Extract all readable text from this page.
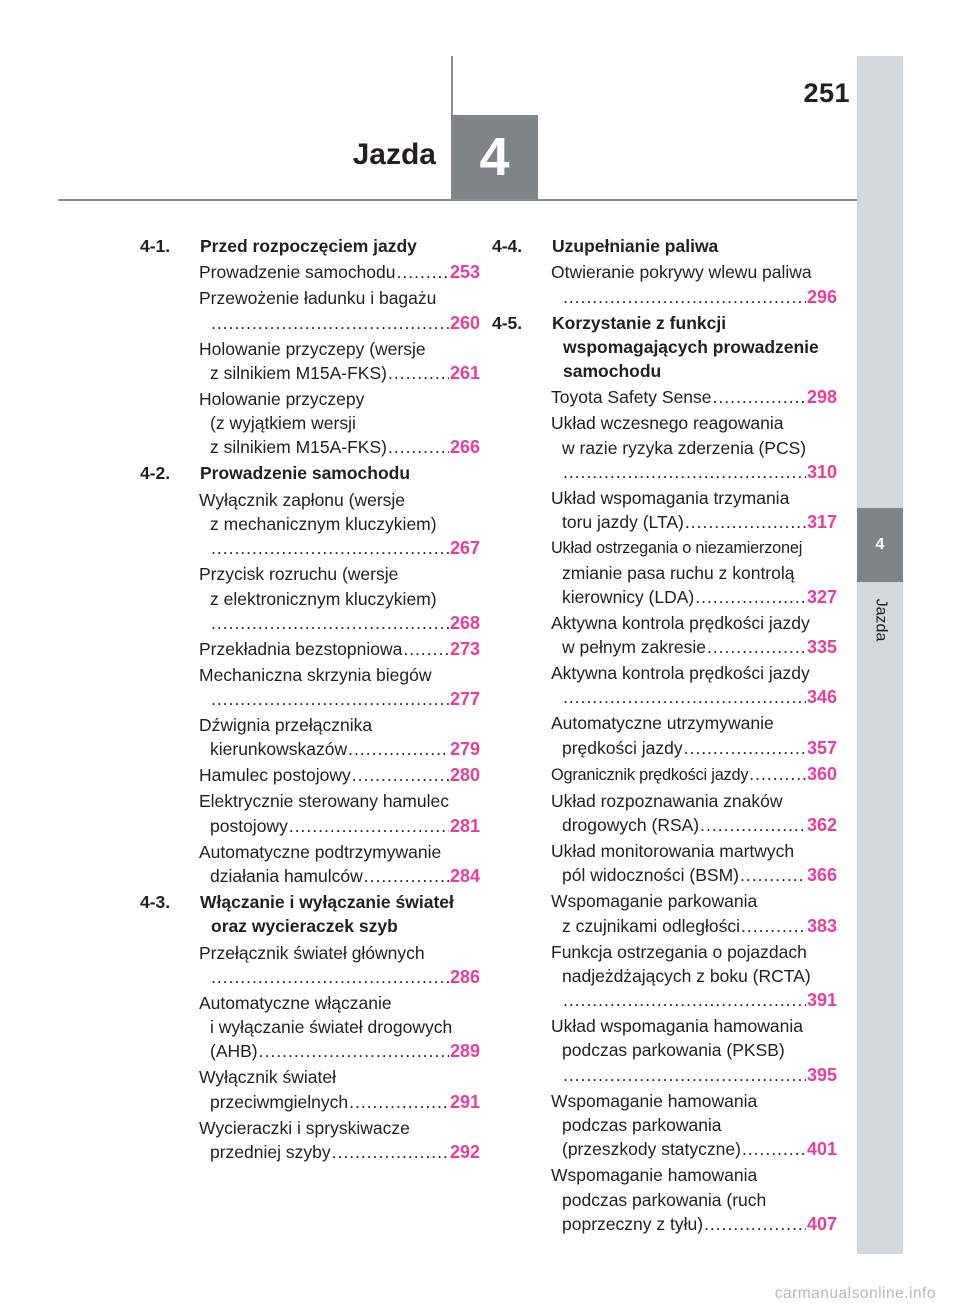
251
Jazda 4
4
Jazda
4-1.	Przed rozpoczęciem jazdy
Prowadzenie samochodu .....	253
Przewożenie ładunku i bagażu
.....
260
Holowanie przyczepy (wersje
z silnikiem M15A-FKS) .....	261
Holowanie przyczepy
(z wyjątkiem wersji
z silnikiem M15A-FKS) .....	266
4-2.	Prowadzenie samochodu
Wyłącznik zapłonu (wersje
z mechanicznym kluczykiem)
.....
267
Przycisk rozruchu (wersje
z elektronicznym kluczykiem)
.....
268
Przekładnia bezstopniowa .....	273
Mechaniczna skrzynia biegów
.....
277
Dźwignia przełącznika
kierunkowskazów .....	279
Hamulec postojowy .....	280
Elektrycznie sterowany hamulec
postojowy .....	281
Automatyczne podtrzymywanie
działania hamulców .....	284
4-3.	Włączanie i wyłączanie świateł
oraz wycieraczek szyb
Przełącznik świateł głównych
.....
286
Automatyczne włączanie
i wyłączanie świateł drogowych
(AHB) .....	289
Wyłącznik świateł
przeciwmgielnych .....	291
Wycieraczki i spryskiwacze
przedniej szyby .....	292
4-4.	Uzupełnianie paliwa
Otwieranie pokrywy wlewu paliwa
.....
296
4-5.	Korzystanie z funkcji
wspomagających prowadzenie
samochodu
Toyota Safety Sense .....	298
Układ wczesnego reagowania
w razie ryzyka zderzenia (PCS)
.....
310
Układ wspomagania trzymania
toru jazdy (LTA) .....	317
Układ ostrzegania o niezamierzonej
zmianie pasa ruchu z kontrolą
kierownicy (LDA) .....	327
Aktywna kontrola prędkości jazdy
w pełnym zakresie .....	335
Aktywna kontrola prędkości jazdy
.....
346
Automatyczne utrzymywanie
prędkości jazdy .....	357
Ogranicznik prędkości jazdy .....	360
Układ rozpoznawania znaków
drogowych (RSA) .....	362
Układ monitorowania martwych
pól widoczności (BSM) .....	366
Wspomaganie parkowania
z czujnikami odległości .....	383
Funkcja ostrzegania o pojazdach
nadjeżdżających z boku (RCTA)
.....
391
Układ wspomagania hamowania
podczas parkowania (PKSB)
.....
395
Wspomaganie hamowania
podczas parkowania
(przeszkody statyczne) .....	401
Wspomaganie hamowania
podczas parkowania (ruch
poprzeczny z tyłu) .....	407
carmanualsonline.info
